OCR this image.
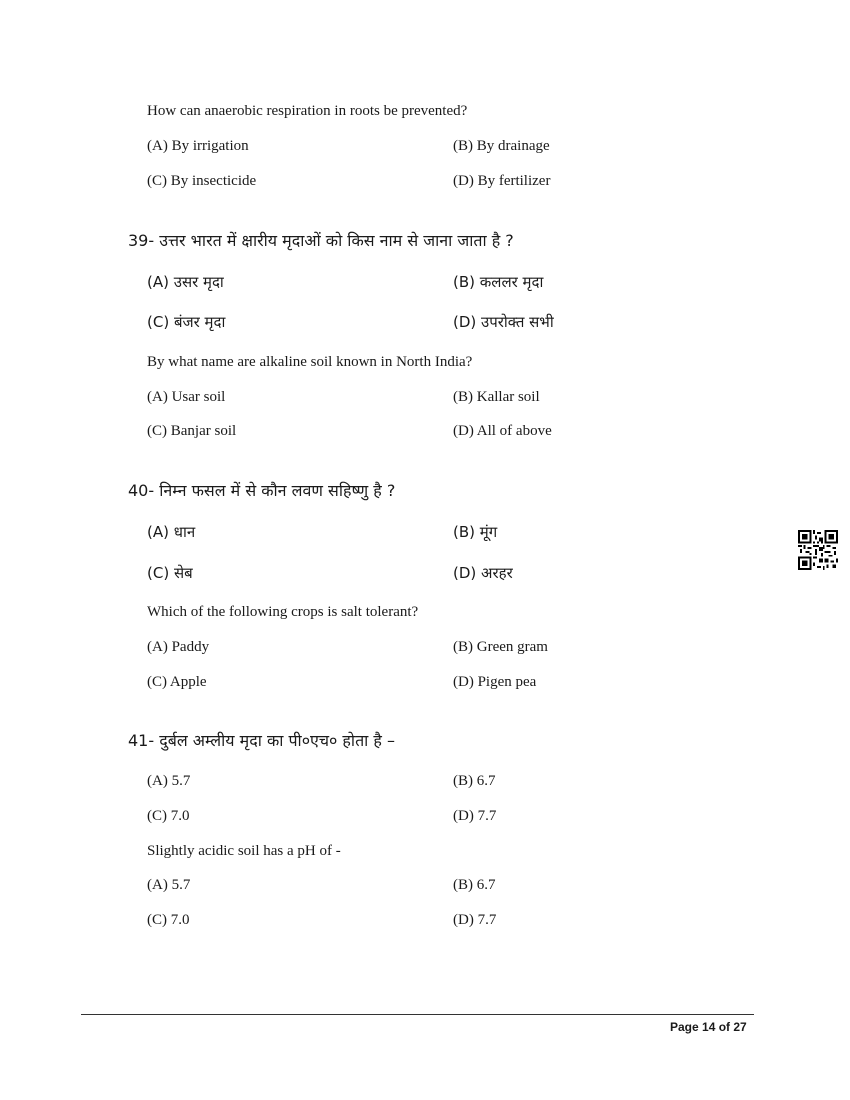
How can anaerobic respiration in roots be prevented?
(A) By irrigation	(B) By drainage
(C) By insecticide	(D) By fertilizer
39- उत्तर भारत में क्षारीय मृदाओं को किस नाम से जाना जाता है ?
(A) उसर मृदा	(B) कललर मृदा
(C) बंजर मृदा	(D) उपरोक्त सभी
By what name are alkaline soil known in North India?
(A) Usar soil	(B) Kallar soil
(C) Banjar soil	(D) All of above
40- निम्न फसल में से कौन लवण सहिष्णु है ?
(A) धान	(B) मूंग
(C) सेब	(D) अरहर
Which of the following crops is salt tolerant?
(A) Paddy	(B) Green gram
(C) Apple	(D) Pigen pea
41- दुर्बल अम्लीय मृदा का पी०एच० होता है –
(A) 5.7	(B) 6.7
(C) 7.0	(D) 7.7
Slightly acidic soil has a pH of -
(A) 5.7	(B) 6.7
(C) 7.0	(D) 7.7
Page 14 of 27
